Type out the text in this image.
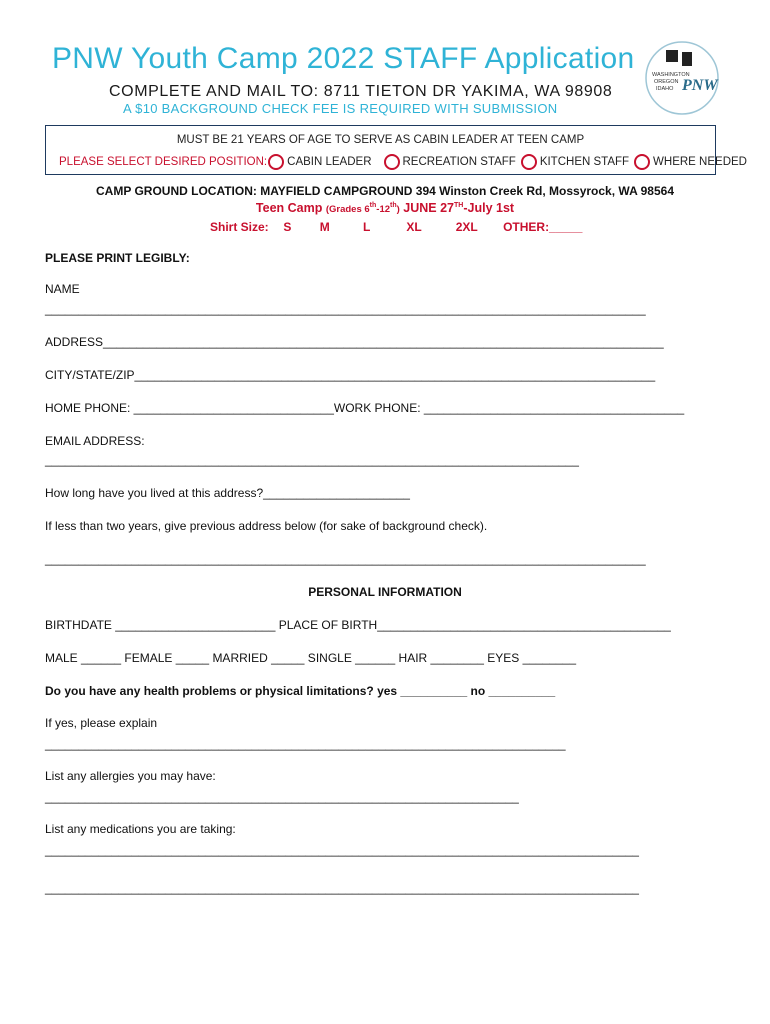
PNW Youth Camp 2022 STAFF Application
COMPLETE AND MAIL TO: 8711 TIETON DR YAKIMA, WA 98908
A $10 BACKGROUND CHECK FEE IS REQUIRED WITH SUBMISSION
WASHINGTON
OREGON
IDAHO PNW
MUST BE 21 YEARS OF AGE TO SERVE AS CABIN LEADER AT TEEN CAMP
PLEASE SELECT DESIRED POSITION: CABIN LEADER	RECREATION STAFF KITCHEN STAFF WHERE NEEDED
CAMP GROUND LOCATION: MAYFIELD CAMPGROUND 394 Winston Creek Rd, Mossyrock, WA 98564
Teen Camp (Grades 6th-12th) JUNE 27TH-July 1st
Shirt Size: S M	L	XL	2XL OTHER:_____
PLEASE PRINT LEGIBLY:
NAME
__________________________________________________________________________________________
ADDRESS____________________________________________________________________________________
CITY/STATE/ZIP______________________________________________________________________________
HOME PHONE: ______________________________WORK PHONE: _______________________________________
EMAIL ADDRESS:
________________________________________________________________________________
How long have you lived at this address?______________________
If less than two years, give previous address below (for sake of background check).
__________________________________________________________________________________________
PERSONAL INFORMATION
BIRTHDATE ________________________ PLACE OF BIRTH____________________________________________
MALE ______ FEMALE _____ MARRIED _____ SINGLE ______ HAIR ________ EYES ________
Do you have any health problems or physical limitations? yes __________ no __________
If yes, please explain
______________________________________________________________________________
List any allergies you may have:
_______________________________________________________________________
List any medications you are taking:
_________________________________________________________________________________________
_________________________________________________________________________________________
